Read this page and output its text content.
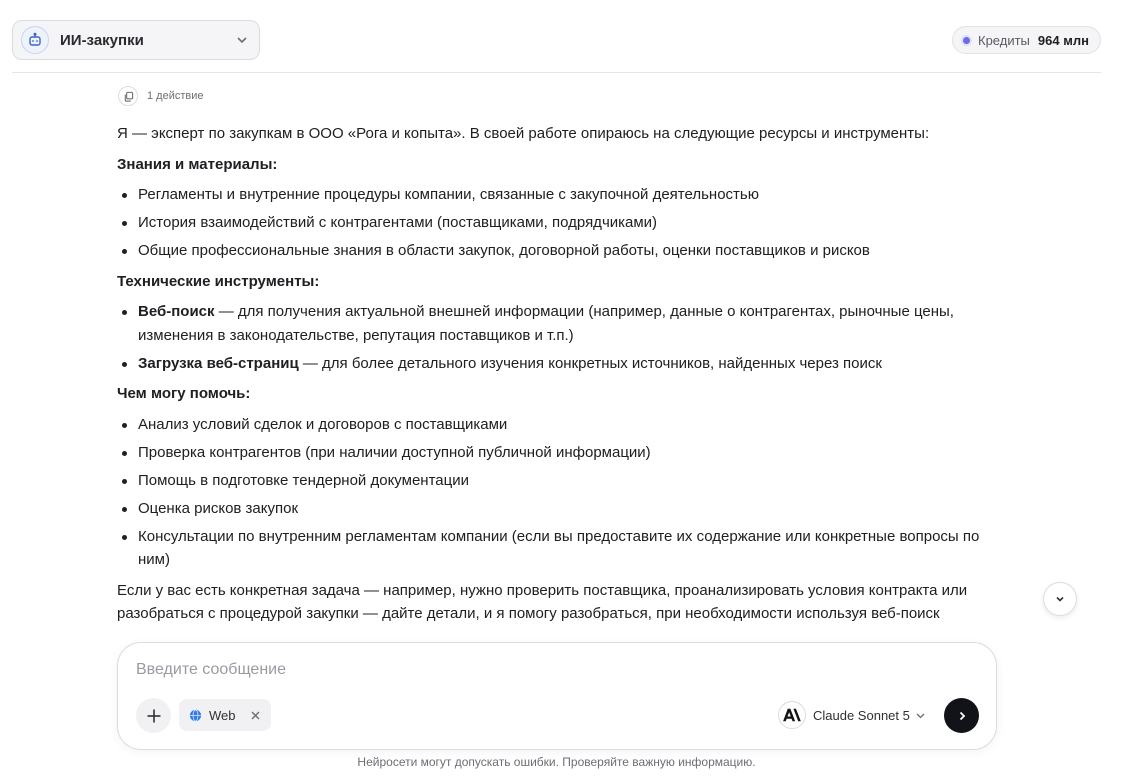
ИИ-закупки	Кредиты 964 млн
1 действие

Я — эксперт по закупкам в ООО «Рога и копыта». В своей работе опираюсь на следующие ресурсы и инструменты:

Знания и материалы:

Регламенты и внутренние процедуры компании, связанные с закупочной деятельностью
История взаимодействий с контрагентами (поставщиками, подрядчиками)
Общие профессиональные знания в области закупок, договорной работы, оценки поставщиков и рисков

Технические инструменты:

Веб-поиск — для получения актуальной внешней информации (например, данные о контрагентах, рыночные цены, изменения в законодательстве, репутация поставщиков и т.п.)
Загрузка веб-страниц — для более детального изучения конкретных источников, найденных через поиск

Чем могу помочь:

Анализ условий сделок и договоров с поставщиками
Проверка контрагентов (при наличии доступной публичной информации)
Помощь в подготовке тендерной документации
Оценка рисков закупок
Консультации по внутренним регламентам компании (если вы предоставите их содержание или конкретные вопросы по ним)

Если у вас есть конкретная задача — например, нужно проверить поставщика, проанализировать условия контракта или разобраться с процедурой закупки — дайте детали, и я помогу разобраться, при необходимости используя веб-поиск

Введите сообщение
Web	Claude Sonnet 5
Нейросети могут допускать ошибки. Проверяйте важную информацию.
